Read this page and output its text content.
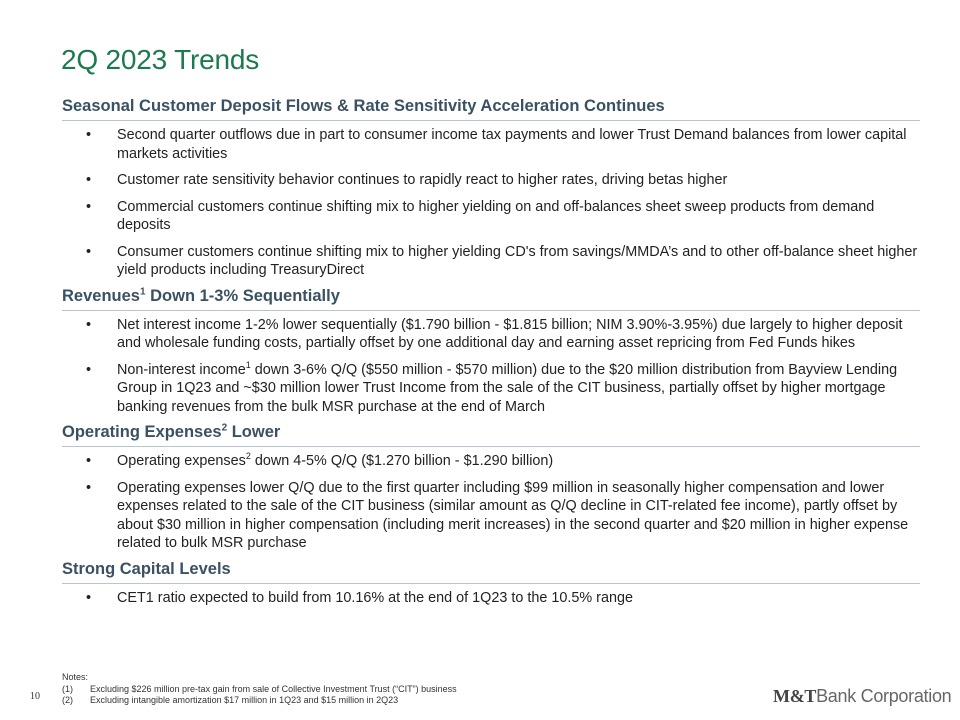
2Q 2023 Trends
Seasonal Customer Deposit Flows & Rate Sensitivity Acceleration Continues
• Second quarter outflows due in part to consumer income tax payments and lower Trust Demand balances from lower capital markets activities
• Customer rate sensitivity behavior continues to rapidly react to higher rates, driving betas higher
• Commercial customers continue shifting mix to higher yielding on and off-balances sheet sweep products from demand deposits
• Consumer customers continue shifting mix to higher yielding CD's from savings/MMDA’s and to other off-balance sheet higher yield products including TreasuryDirect
Revenues$^1$ Down 1-3% Sequentially
• Net interest income 1-2% lower sequentially ($1.790 billion - $1.815 billion; NIM 3.90%-3.95%) due largely to higher deposit and wholesale funding costs, partially offset by one additional day and earning asset repricing from Fed Funds hikes
• Non-interest income$^1$ down 3-6% Q/Q ($550 million - $570 million) due to the $20 million distribution from Bayview Lending Group in 1Q23 and ~$30 million lower Trust Income from the sale of the CIT business, partially offset by higher mortgage banking revenues from the bulk MSR purchase at the end of March
Operating Expenses$^2$ Lower
• Operating expenses$^2$ down 4-5% Q/Q ($1.270 billion - $1.290 billion)
• Operating expenses lower Q/Q due to the first quarter including $99 million in seasonally higher compensation and lower expenses related to the sale of the CIT business (similar amount as Q/Q decline in CIT-related fee income), partly offset by about $30 million in higher compensation (including merit increases) in the second quarter and $20 million in higher expense related to bulk MSR purchase
Strong Capital Levels
• CET1 ratio expected to build from 10.16% at the end of 1Q23 to the 10.5% range
Notes:
(1)	Excluding $226 million pre-tax gain from sale of Collective Investment Trust (“CIT”) business
(2)	Excluding intangible amortization $17 million in 1Q23 and $15 million in 2Q23
10	M&TBank Corporation
